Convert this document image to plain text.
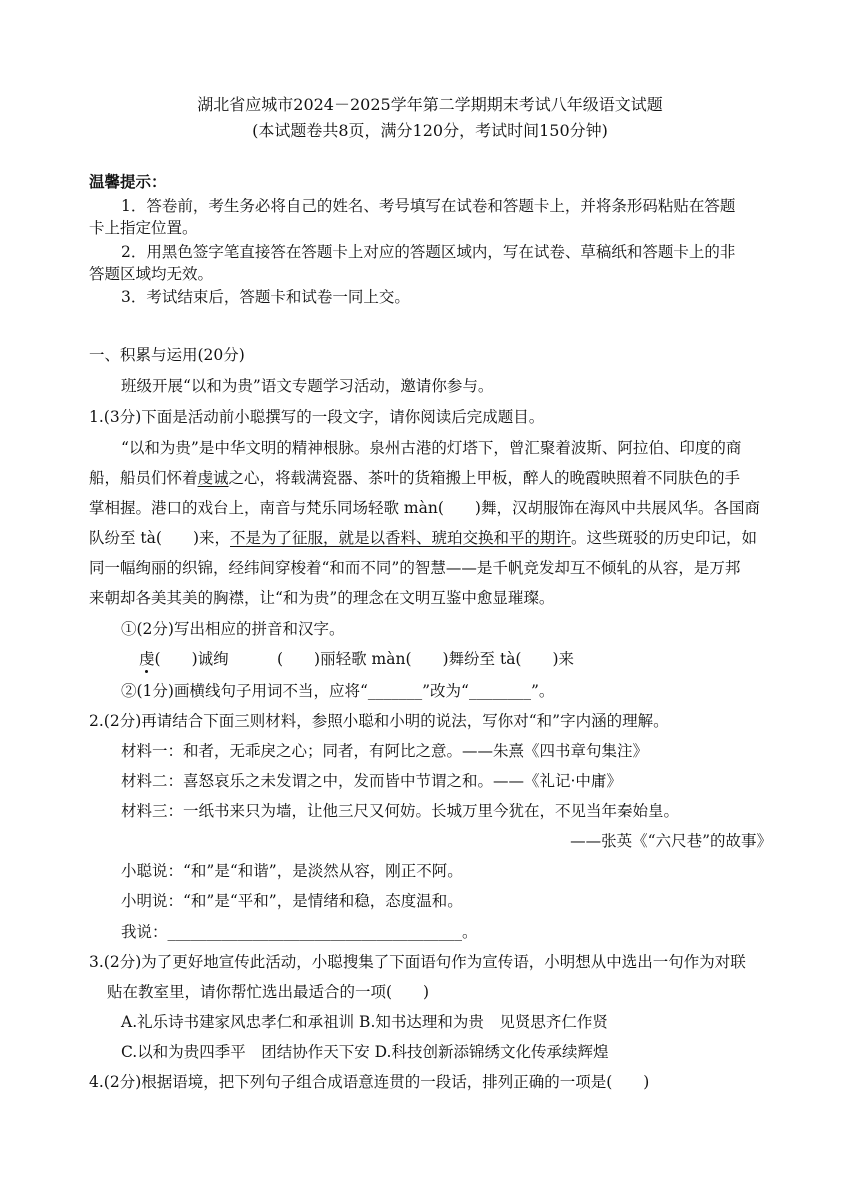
湖北省应城市2024－2025学年第二学期期末考试八年级语文试题
(本试题卷共8页，满分120分，考试时间150分钟)
温馨提示：
1．答卷前，考生务必将自己的姓名、考号填写在试卷和答题卡上，并将条形码粘贴在答题
卡上指定位置。
2．用黑色签字笔直接答在答题卡上对应的答题区域内，写在试卷、草稿纸和答题卡上的非
答题区域均无效。
3．考试结束后，答题卡和试卷一同上交。
一、积累与运用(20分)
班级开展“以和为贵”语文专题学习活动，邀请你参与。
1.(3分)下面是活动前小聪撰写的一段文字，请你阅读后完成题目。
“以和为贵”是中华文明的精神根脉。泉州古港的灯塔下，曾汇聚着波斯、阿拉伯、印度的商
船，船员们怀着虔诚之心，将载满瓷器、茶叶的货箱搬上甲板，醉人的晚霞映照着不同肤色的手
掌相握。港口的戏台上，南音与梵乐同场轻歌 màn(　　)舞，汉胡服饰在海风中共展风华。各国商
队纷至 tà(　　)来，不是为了征服，就是以香料、琥珀交换和平的期许。这些斑驳的历史印记，如
同一幅绚丽的织锦，经纬间穿梭着“和而不同”的智慧——是千帆竞发却互不倾轧的从容，是万邦
来朝却各美其美的胸襟，让“和为贵”的理念在文明互鉴中愈显璀璨。
①(2分)写出相应的拼音和汉字。
虔(　　)诚绚	(　　)丽轻歌 màn(　　)舞纷至 tà(　　)来
②(1分)画横线句子用词不当，应将“_______”改为“________”。
2.(2分)再请结合下面三则材料，参照小聪和小明的说法，写你对“和”字内涵的理解。
材料一：和者，无乖戾之心；同者，有阿比之意。——朱熹《四书章句集注》
材料二：喜怒哀乐之未发谓之中，发而皆中节谓之和。——《礼记·中庸》
材料三：一纸书来只为墙，让他三尺又何妨。长城万里今犹在，不见当年秦始皇。
——张英《“六尺巷”的故事》
小聪说：“和”是“和谐”，是淡然从容，刚正不阿。
小明说：“和”是“平和”，是情绪和稳，态度温和。
我说：______________________________________。
3.(2分)为了更好地宣传此活动，小聪搜集了下面语句作为宣传语，小明想从中选出一句作为对联
贴在教室里，请你帮忙选出最适合的一项(　　)
A.礼乐诗书建家风忠孝仁和承祖训 B.知书达理和为贵　见贤思齐仁作贤
C.以和为贵四季平　团结协作天下安 D.科技创新添锦绣文化传承续辉煌
4.(2分)根据语境，把下列句子组合成语意连贯的一段话，排列正确的一项是(　　)
